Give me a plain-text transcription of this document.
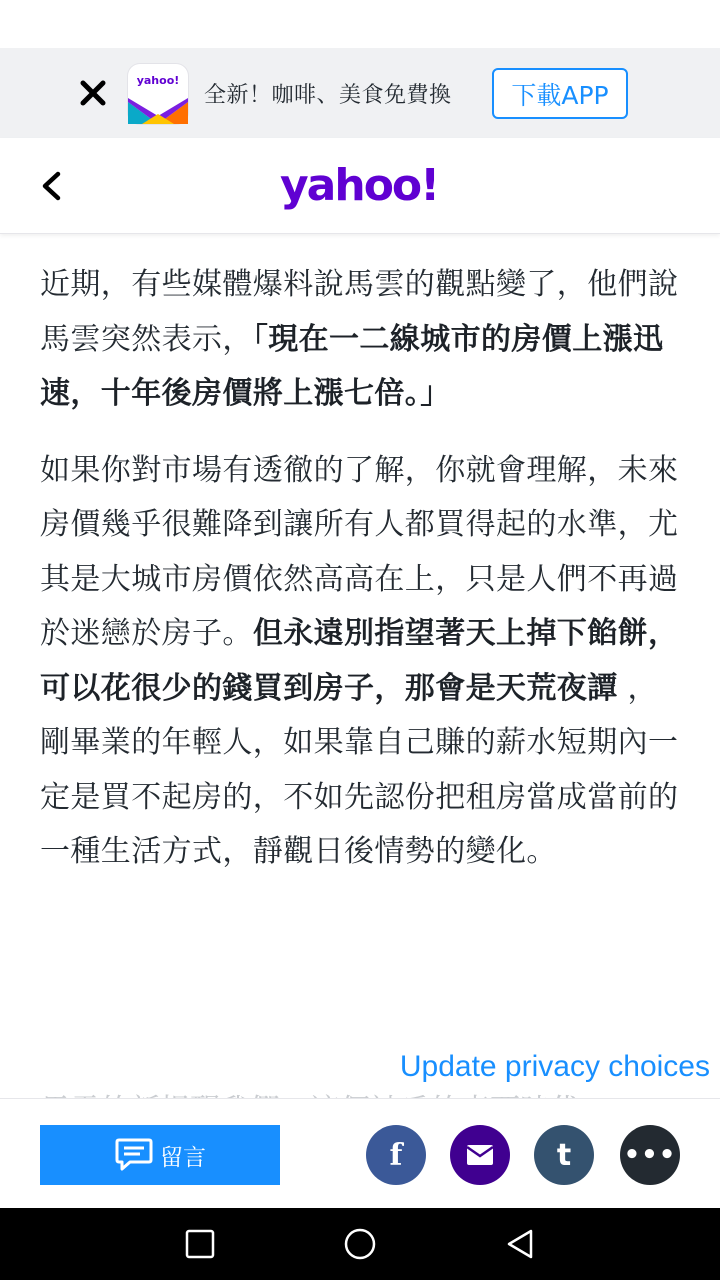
yahoo!
全新！咖啡、美食免費換	下載APP
yahoo!

近期，有些媒體爆料說馬雲的觀點變了，他們說馬雲突然表示，「現在一二線城市的房價上漲迅速，十年後房價將上漲七倍。」

如果你對市場有透徹的了解，你就會理解，未來房價幾乎很難降到讓所有人都買得起的水準，尤其是大城市房價依然高高在上，只是人們不再過於迷戀於房子。但永遠別指望著天上掉下餡餅，可以花很少的錢買到房子，那會是天荒夜譚 ，剛畢業的年輕人，如果靠自己賺的薪水短期內一定是買不起房的，不如先認份把租房當成當前的一種生活方式，靜觀日後情勢的變化。

Update privacy choices
留言	f	t •••
